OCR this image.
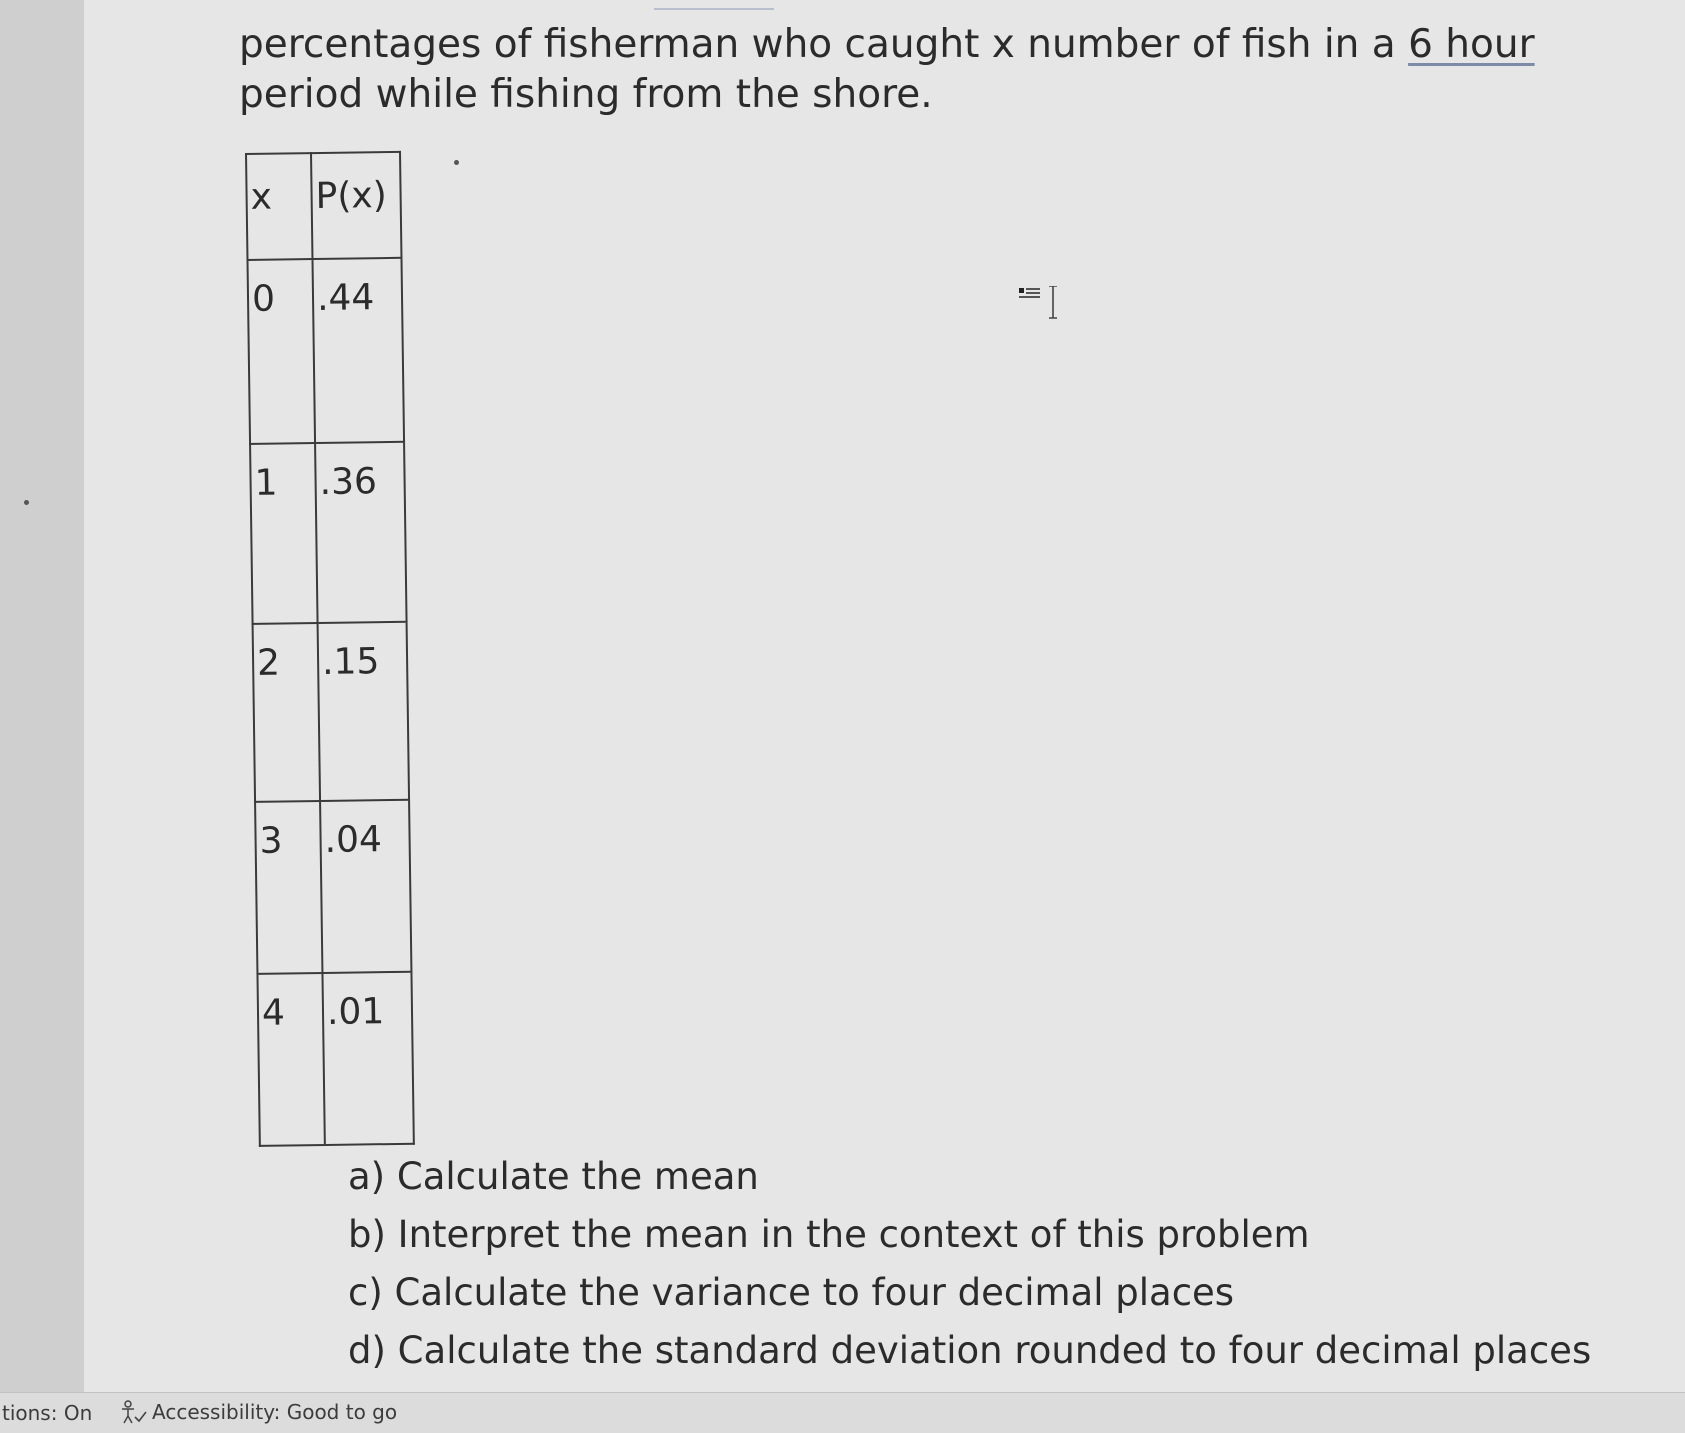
percentages of fisherman who caught x number of fish in a 6 hour
period while fishing from the shore.
x	P(x)
0	.44
1	.36
2	.15
3	.04
4	.01
a) Calculate the mean
b) Interpret the mean in the context of this problem
c) Calculate the variance to four decimal places
d) Calculate the standard deviation rounded to four decimal places
tions: On	Accessibility: Good to go
